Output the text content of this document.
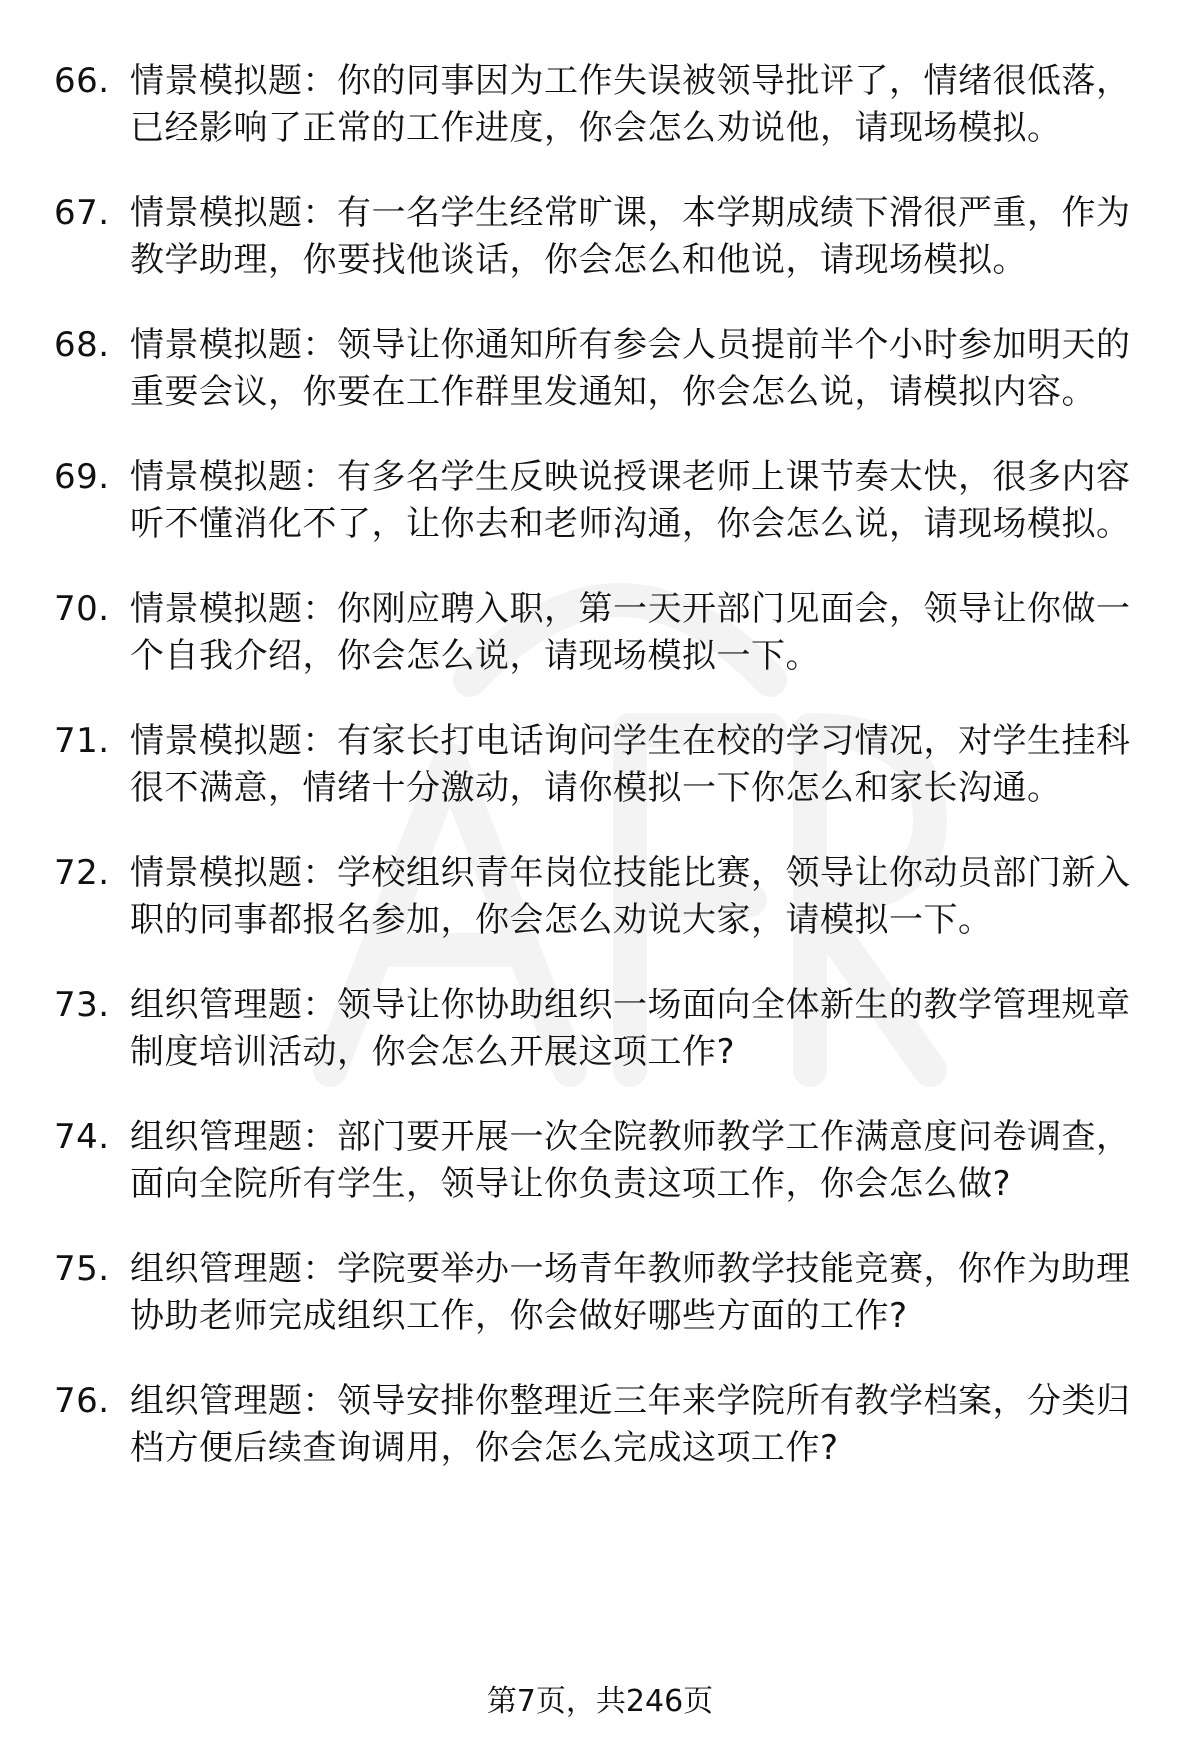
66. 情景模拟题：你的同事因为工作失误被领导批评了，情绪很低落，已经影响了正常的工作进度，你会怎么劝说他，请现场模拟。
67. 情景模拟题：有一名学生经常旷课，本学期成绩下滑很严重，作为教学助理，你要找他谈话，你会怎么和他说，请现场模拟。
68. 情景模拟题：领导让你通知所有参会人员提前半个小时参加明天的重要会议，你要在工作群里发通知，你会怎么说，请模拟内容。
69. 情景模拟题：有多名学生反映说授课老师上课节奏太快，很多内容听不懂消化不了，让你去和老师沟通，你会怎么说，请现场模拟。
70. 情景模拟题：你刚应聘入职，第一天开部门见面会，领导让你做一个自我介绍，你会怎么说，请现场模拟一下。
71. 情景模拟题：有家长打电话询问学生在校的学习情况，对学生挂科很不满意，情绪十分激动，请你模拟一下你怎么和家长沟通。
72. 情景模拟题：学校组织青年岗位技能比赛，领导让你动员部门新入职的同事都报名参加，你会怎么劝说大家，请模拟一下。
73. 组织管理题：领导让你协助组织一场面向全体新生的教学管理规章制度培训活动，你会怎么开展这项工作?
74. 组织管理题：部门要开展一次全院教师教学工作满意度问卷调查，面向全院所有学生，领导让你负责这项工作，你会怎么做?
75. 组织管理题：学院要举办一场青年教师教学技能竞赛，你作为助理协助老师完成组织工作，你会做好哪些方面的工作?
76. 组织管理题：领导安排你整理近三年来学院所有教学档案，分类归档方便后续查询调用，你会怎么完成这项工作?
第7页，共246页
